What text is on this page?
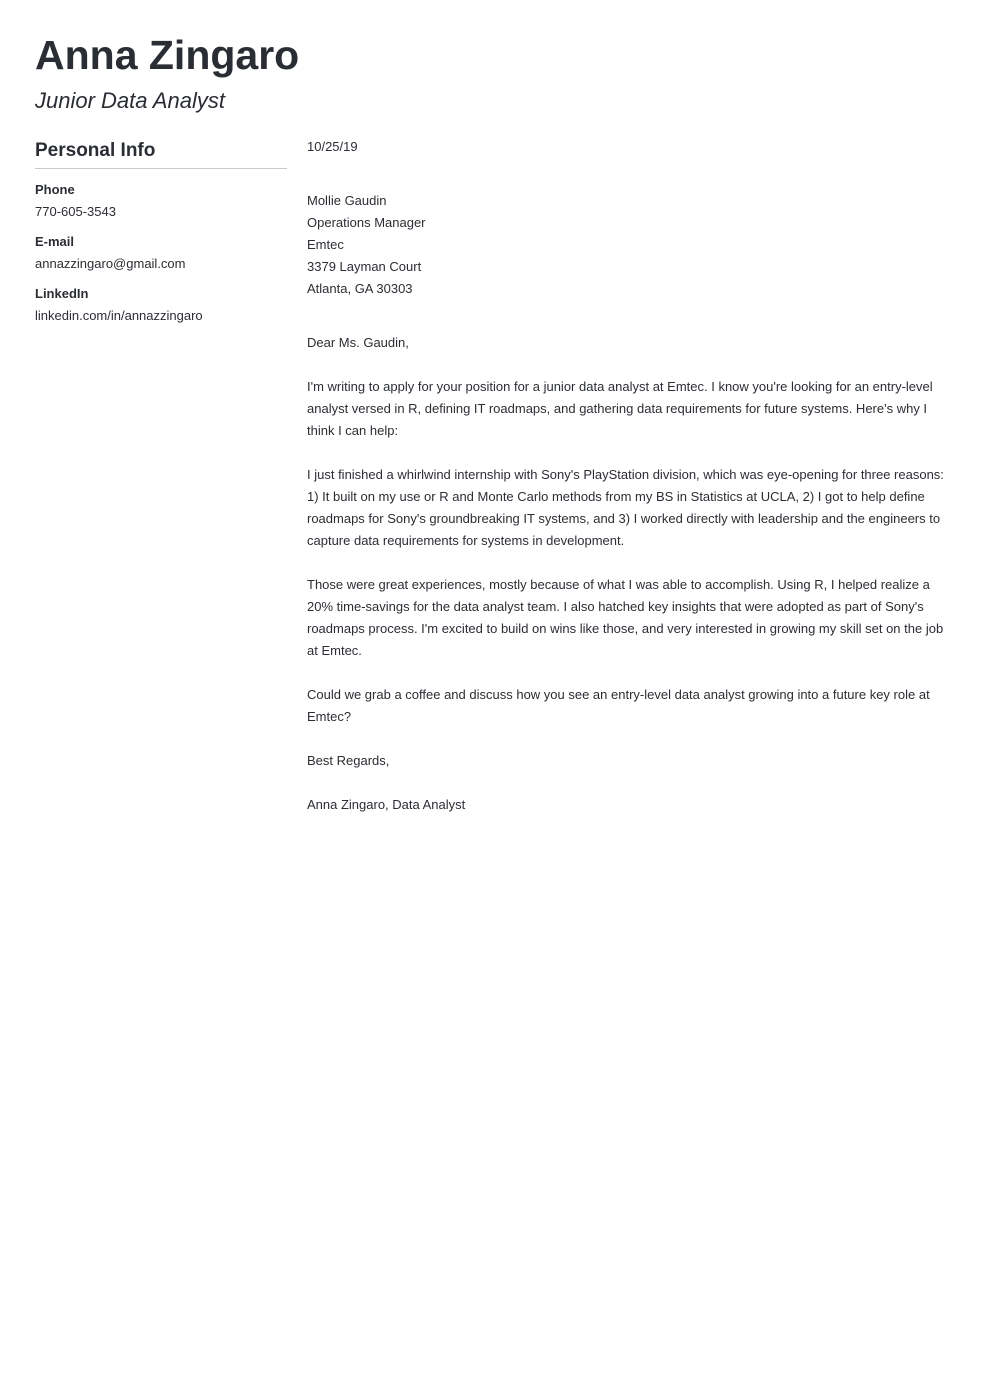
Anna Zingaro
Junior Data Analyst
Personal Info
Phone
770-605-3543
E-mail
annazzingaro@gmail.com
LinkedIn
linkedin.com/in/annazzingaro

10/25/19

Mollie Gaudin
Operations Manager
Emtec
3379 Layman Court
Atlanta, GA 30303

Dear Ms. Gaudin,

I'm writing to apply for your position for a junior data analyst at Emtec. I know you're looking for an entry-level analyst versed in R, defining IT roadmaps, and gathering data requirements for future systems. Here's why I think I can help:

I just finished a whirlwind internship with Sony's PlayStation division, which was eye-opening for three reasons: 1) It built on my use or R and Monte Carlo methods from my BS in Statistics at UCLA, 2) I got to help define roadmaps for Sony's groundbreaking IT systems, and 3) I worked directly with leadership and the engineers to capture data requirements for systems in development.

Those were great experiences, mostly because of what I was able to accomplish. Using R, I helped realize a 20% time-savings for the data analyst team. I also hatched key insights that were adopted as part of Sony's roadmaps process. I'm excited to build on wins like those, and very interested in growing my skill set on the job at Emtec.

Could we grab a coffee and discuss how you see an entry-level data analyst growing into a future key role at Emtec?

Best Regards,

Anna Zingaro, Data Analyst
